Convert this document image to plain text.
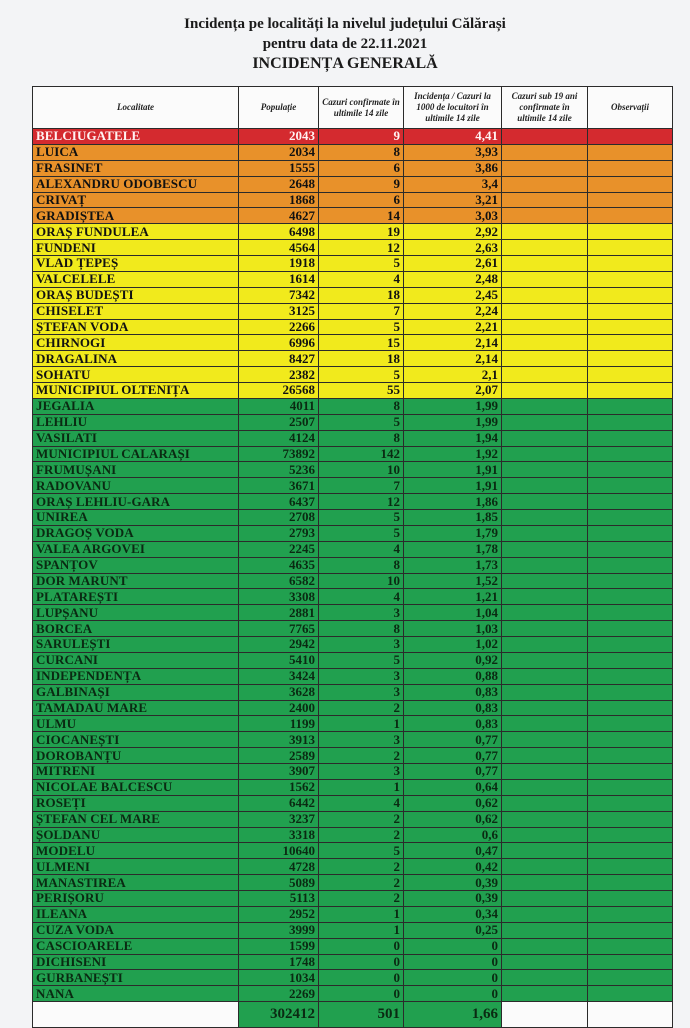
Incidența pe localități la nivelul județului Călărași
pentru data de 22.11.2021
INCIDENȚA GENERALĂ
Localitate	Populație	Cazuri confirmate în ultimile 14 zile	Incidența / Cazuri la 1000 de locuitori în ultimile 14 zile	Cazuri sub 19 ani confirmate în ultimile 14 zile	Observații
BELCIUGATELE	2043	9	4,41		
LUICA	2034	8	3,93		
FRASINET	1555	6	3,86		
ALEXANDRU ODOBESCU	2648	9	3,4		
CRIVAȚ	1868	6	3,21		
GRADIȘTEA	4627	14	3,03		
ORAȘ FUNDULEA	6498	19	2,92		
FUNDENI	4564	12	2,63		
VLAD ȚEPEȘ	1918	5	2,61		
VALCELELE	1614	4	2,48		
ORAȘ BUDEȘTI	7342	18	2,45		
CHISELET	3125	7	2,24		
ȘTEFAN VODA	2266	5	2,21		
CHIRNOGI	6996	15	2,14		
DRAGALINA	8427	18	2,14		
SOHATU	2382	5	2,1		
MUNICIPIUL OLTENIȚA	26568	55	2,07		
JEGALIA	4011	8	1,99		
LEHLIU	2507	5	1,99		
VASILATI	4124	8	1,94		
MUNICIPIUL CALARAȘI	73892	142	1,92		
FRUMUȘANI	5236	10	1,91		
RADOVANU	3671	7	1,91		
ORAȘ LEHLIU-GARA	6437	12	1,86		
UNIREA	2708	5	1,85		
DRAGOȘ VODA	2793	5	1,79		
VALEA ARGOVEI	2245	4	1,78		
SPANȚOV	4635	8	1,73		
DOR MARUNT	6582	10	1,52		
PLATAREȘTI	3308	4	1,21		
LUPȘANU	2881	3	1,04		
BORCEA	7765	8	1,03		
SARULEȘTI	2942	3	1,02		
CURCANI	5410	5	0,92		
INDEPENDENȚA	3424	3	0,88		
GALBINAȘI	3628	3	0,83		
TAMADAU MARE	2400	2	0,83		
ULMU	1199	1	0,83		
CIOCANEȘTI	3913	3	0,77		
DOROBANȚU	2589	2	0,77		
MITRENI	3907	3	0,77		
NICOLAE BALCESCU	1562	1	0,64		
ROSEȚI	6442	4	0,62		
ȘTEFAN CEL MARE	3237	2	0,62		
ȘOLDANU	3318	2	0,6		
MODELU	10640	5	0,47		
ULMENI	4728	2	0,42		
MANASTIREA	5089	2	0,39		
PERIȘORU	5113	2	0,39		
ILEANA	2952	1	0,34		
CUZA VODA	3999	1	0,25		
CASCIOARELE	1599	0	0		
DICHISENI	1748	0	0		
GURBANEȘTI	1034	0	0		
NANA	2269	0	0		
	302412	501	1,66		
